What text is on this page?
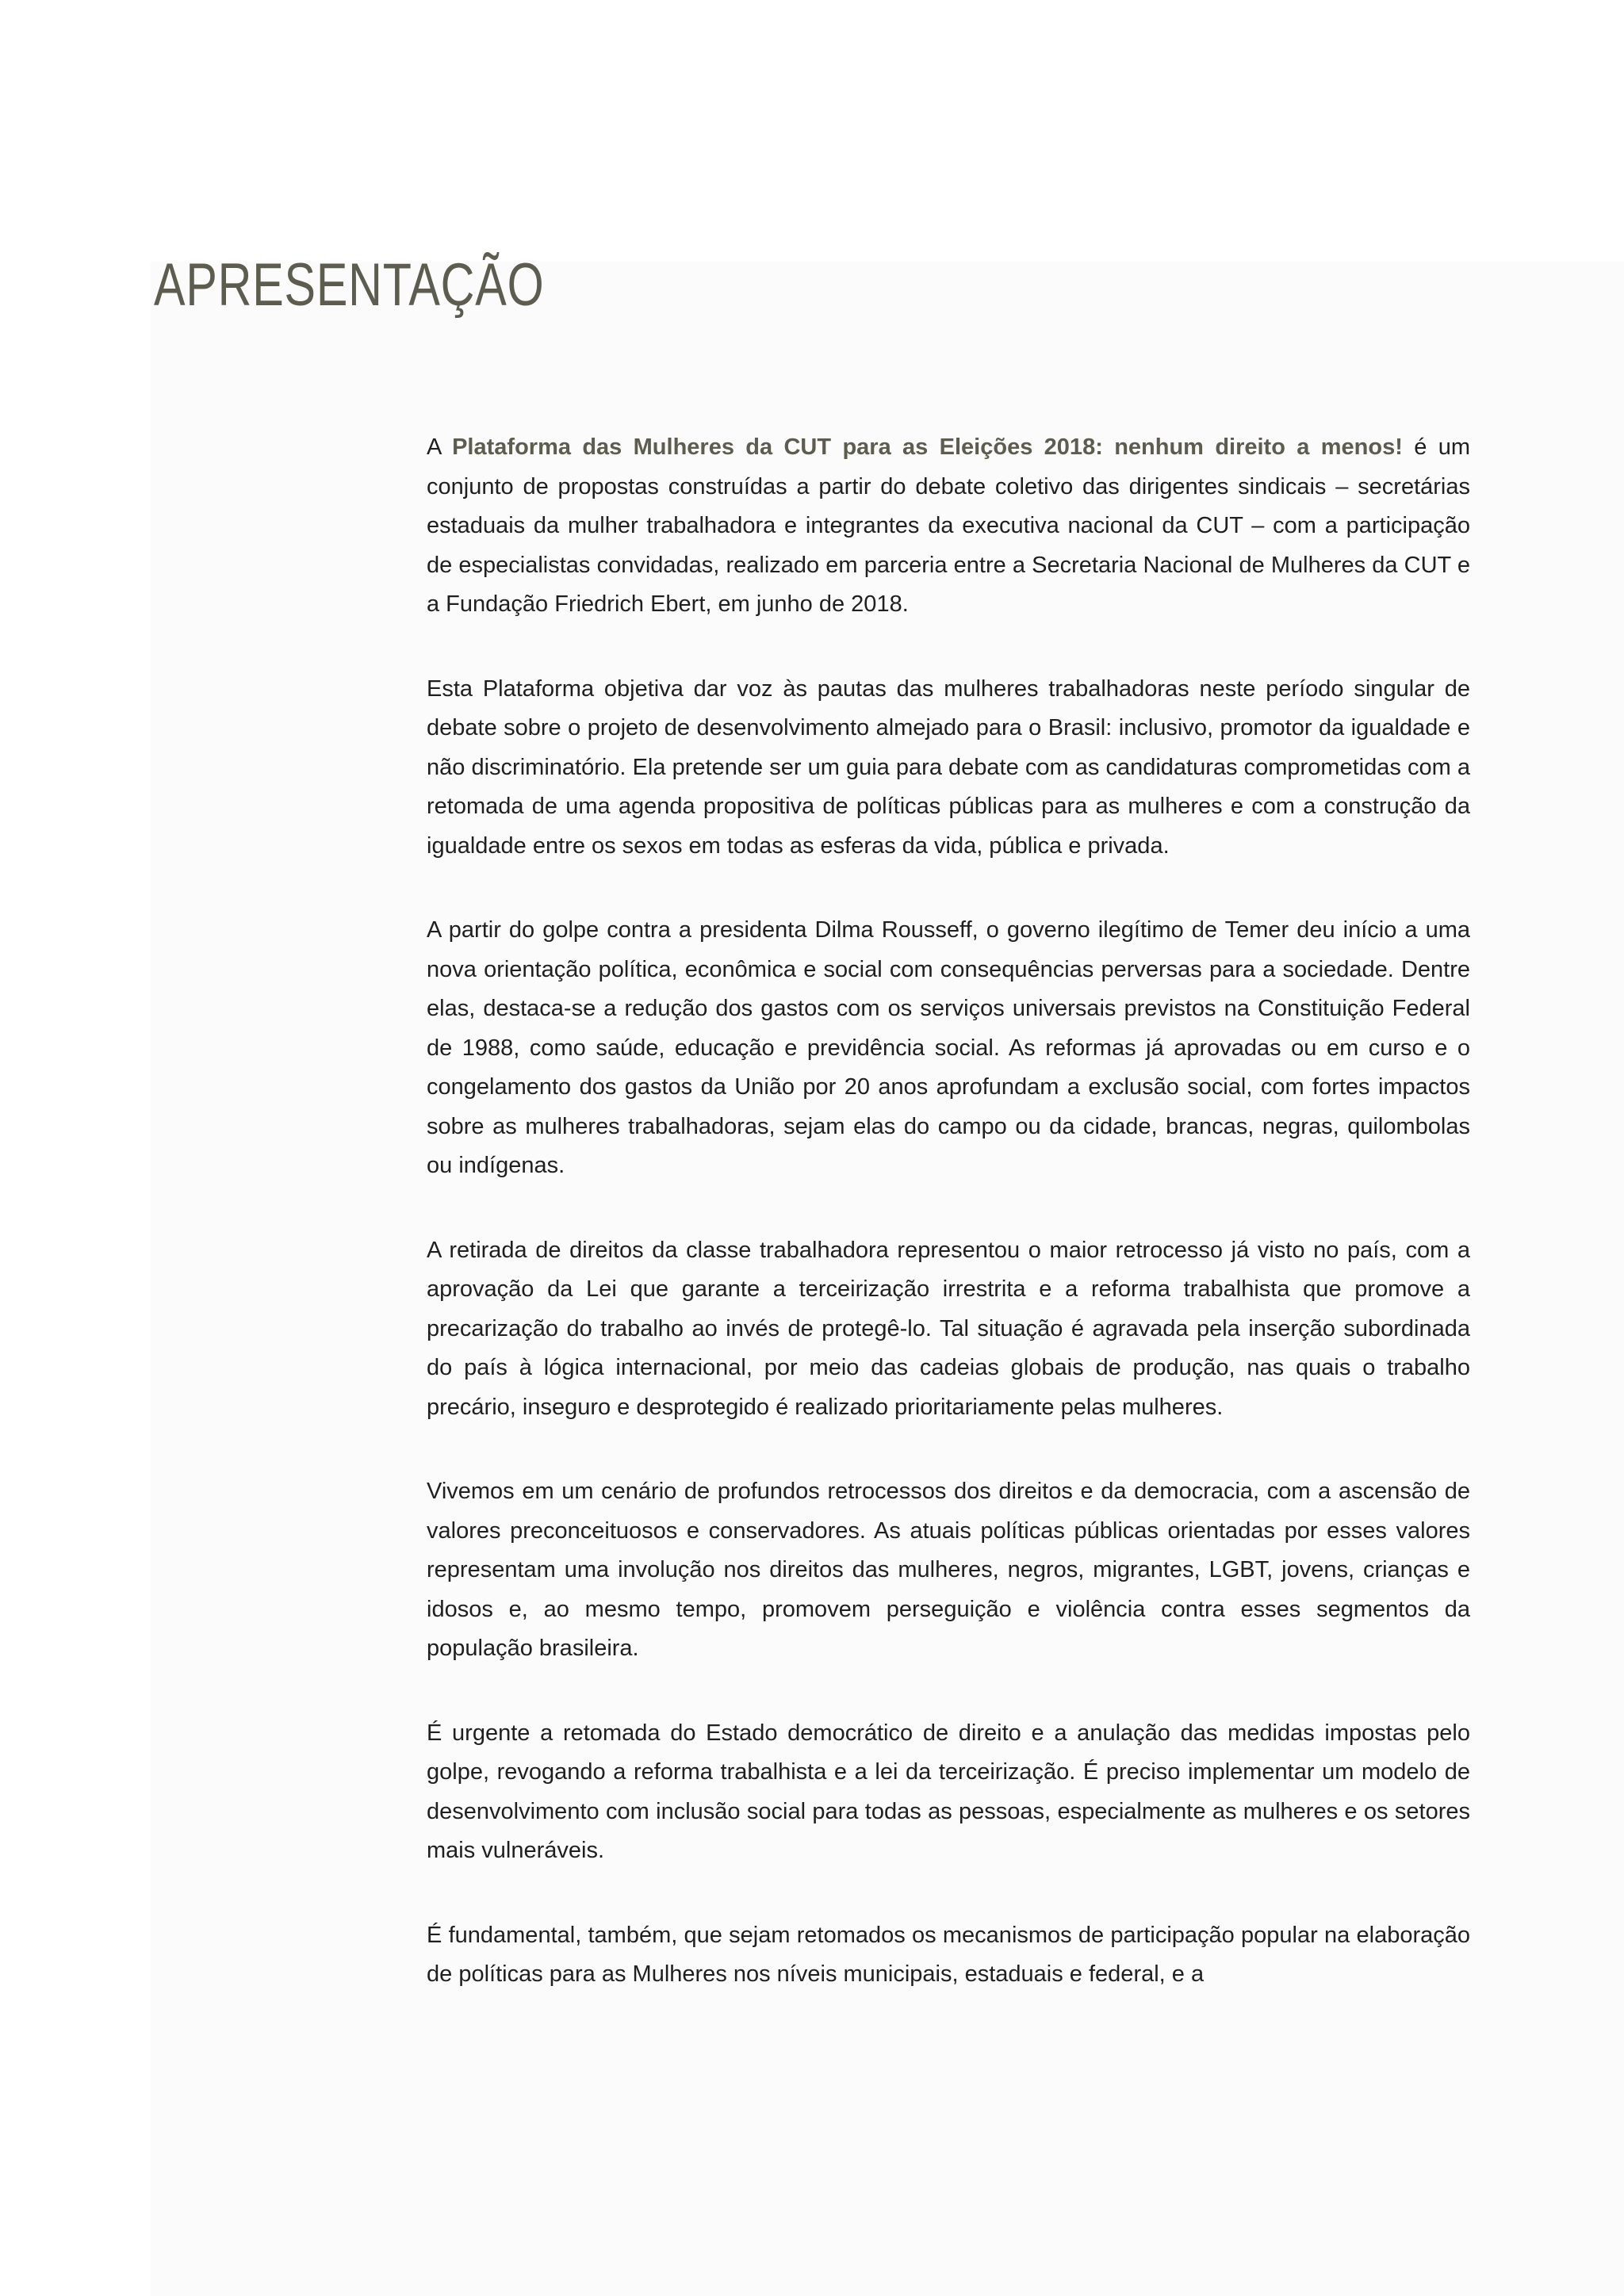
APRESENTAÇÃO

A Plataforma das Mulheres da CUT para as Eleições 2018: nenhum direito a menos! é um conjunto de propostas construídas a partir do debate coletivo das dirigentes sindicais – secretárias estaduais da mulher trabalhadora e integrantes da executiva nacional da CUT – com a participação de especialistas convidadas, realizado em parceria entre a Secretaria Nacional de Mulheres da CUT e a Fundação Friedrich Ebert, em junho de 2018.

Esta Plataforma objetiva dar voz às pautas das mulheres trabalhadoras neste período singular de debate sobre o projeto de desenvolvimento almejado para o Brasil: inclusivo, promotor da igualdade e não discriminatório. Ela pretende ser um guia para debate com as candidaturas comprometidas com a retomada de uma agenda propositiva de políticas públicas para as mulheres e com a construção da igualdade entre os sexos em todas as esferas da vida, pública e privada.

A partir do golpe contra a presidenta Dilma Rousseff, o governo ilegítimo de Temer deu início a uma nova orientação política, econômica e social com consequências perversas para a sociedade. Dentre elas, destaca-se a redução dos gastos com os serviços universais previstos na Constituição Federal de 1988, como saúde, educação e previdência social. As reformas já aprovadas ou em curso e o congelamento dos gastos da União por 20 anos aprofundam a exclusão social, com fortes impactos sobre as mulheres trabalhadoras, sejam elas do campo ou da cidade, brancas, negras, quilombolas ou indígenas.

A retirada de direitos da classe trabalhadora representou o maior retrocesso já visto no país, com a aprovação da Lei que garante a terceirização irrestrita e a reforma trabalhista que promove a precarização do trabalho ao invés de protegê-lo. Tal situação é agravada pela inserção subordinada do país à lógica internacional, por meio das cadeias globais de produção, nas quais o trabalho precário, inseguro e desprotegido é realizado prioritariamente pelas mulheres.

Vivemos em um cenário de profundos retrocessos dos direitos e da democracia, com a ascensão de valores preconceituosos e conservadores. As atuais políticas públicas orientadas por esses valores representam uma involução nos direitos das mulheres, negros, migrantes, LGBT, jovens, crianças e idosos e, ao mesmo tempo, promovem perseguição e violência contra esses segmentos da população brasileira.

É urgente a retomada do Estado democrático de direito e a anulação das medidas impostas pelo golpe, revogando a reforma trabalhista e a lei da terceirização. É preciso implementar um modelo de desenvolvimento com inclusão social para todas as pessoas, especialmente as mulheres e os setores mais vulneráveis.

É fundamental, também, que sejam retomados os mecanismos de participação popular na elaboração de políticas para as Mulheres nos níveis municipais, estaduais e federal, e a
